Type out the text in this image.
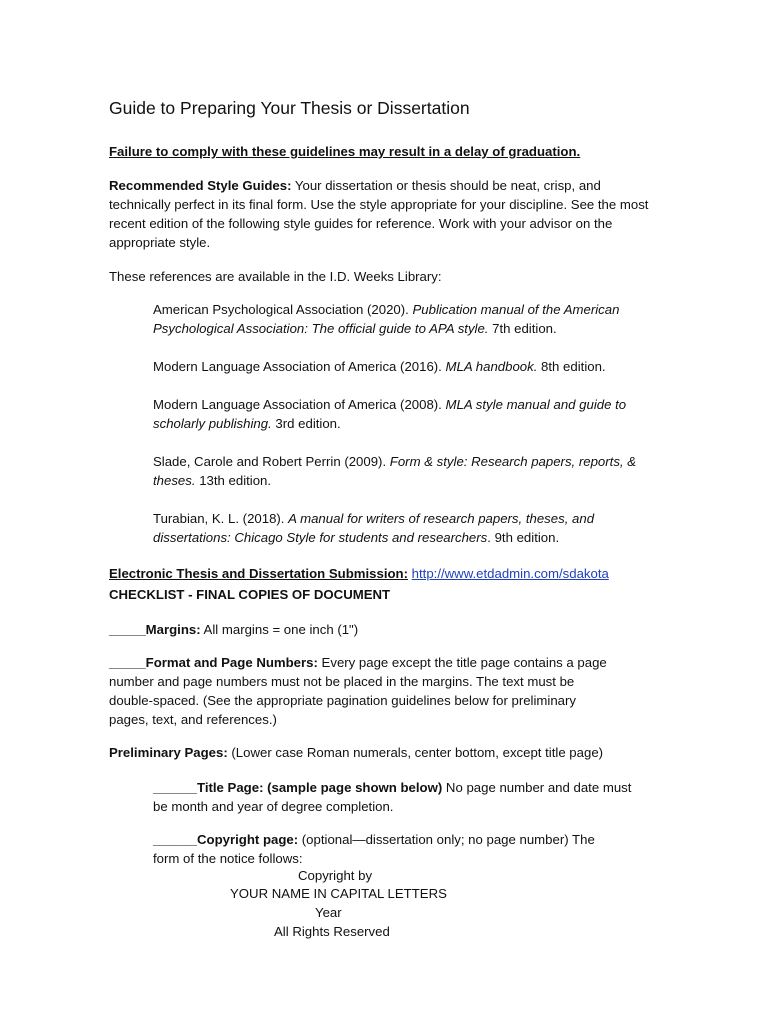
Guide to Preparing Your Thesis or Dissertation
Failure to comply with these guidelines may result in a delay of graduation.
Recommended Style Guides: Your dissertation or thesis should be neat, crisp, and technically perfect in its final form. Use the style appropriate for your discipline. See the most recent edition of the following style guides for reference. Work with your advisor on the appropriate style.
These references are available in the I.D. Weeks Library:
American Psychological Association (2020). Publication manual of the American
Psychological Association: The official guide to APA style. 7th edition.
Modern Language Association of America (2016). MLA handbook. 8th edition.
Modern Language Association of America (2008). MLA style manual and guide to
scholarly publishing. 3rd edition.
Slade, Carole and Robert Perrin (2009). Form & style: Research papers, reports, &
theses. 13th edition.
Turabian, K. L. (2018). A manual for writers of research papers, theses, and
dissertations: Chicago Style for students and researchers. 9th edition.
Electronic Thesis and Dissertation Submission: http://www.etdadmin.com/sdakota
CHECKLIST - FINAL COPIES OF DOCUMENT
_____Margins: All margins = one inch (1")
_____Format and Page Numbers: Every page except the title page contains a page
number and page numbers must not be placed in the margins. The text must be
double-spaced. (See the appropriate pagination guidelines below for preliminary
pages, text, and references.)
Preliminary Pages: (Lower case Roman numerals, center bottom, except title page)
______Title Page: (sample page shown below) No page number and date must
be month and year of degree completion.
______Copyright page: (optional—dissertation only; no page number) The
form of the notice follows:
Copyright by
YOUR NAME IN CAPITAL LETTERS
Year
All Rights Reserved
